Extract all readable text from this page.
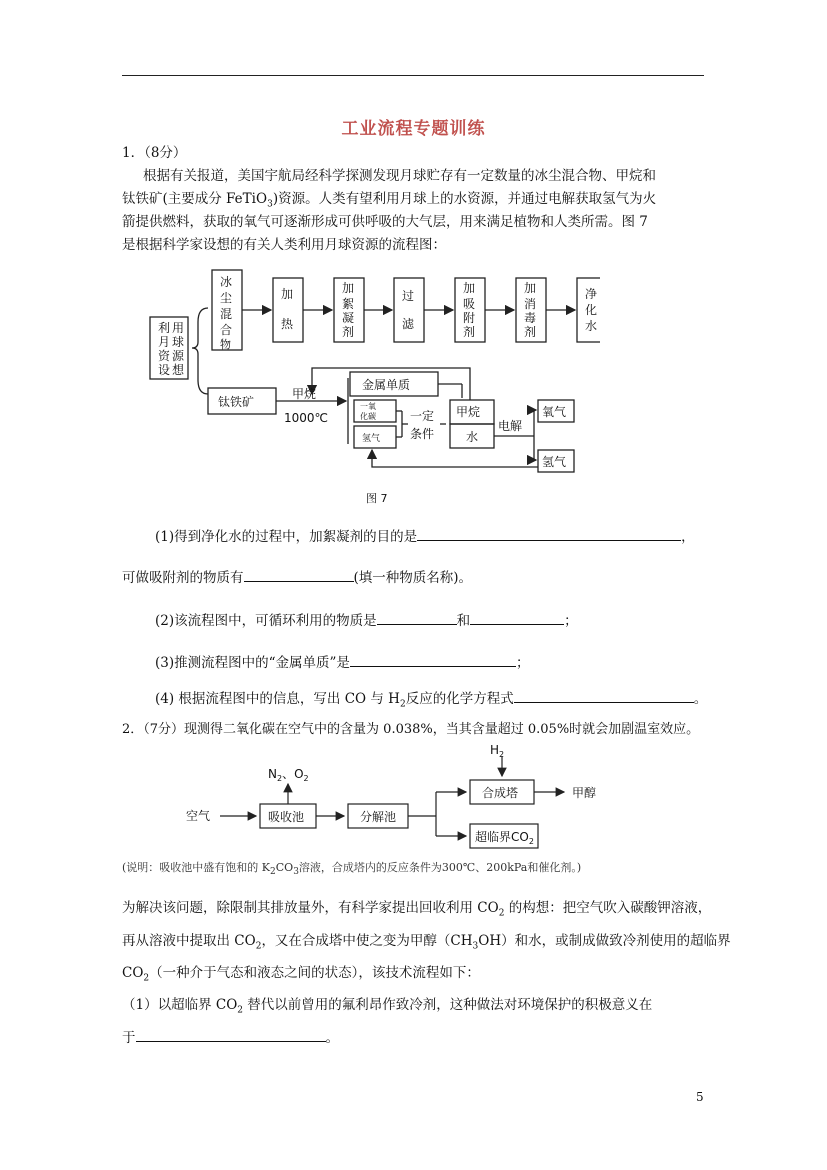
工业流程专题训练
1．（8分）
根据有关报道，美国宇航局经科学探测发现月球贮存有一定数量的冰尘混合物、甲烷和
钛铁矿(主要成分 FeTiO$_3$)资源。人类有望利用月球上的水资源，并通过电解获取氢气为火
箭提供燃料，获取的氧气可逐渐形成可供呼吸的大气层，用来满足植物和人类所需。图 7
是根据科学家设想的有关人类利用月球资源的流程图：
利
月
资
设
用
球
源
想
冰
尘
混
合
物
加
热
加
絮
凝
剂
过
滤
加
吸
附
剂
加
消
毒
剂
净
化
水
钛铁矿
甲烷
1000℃
金属单质
一氧
化碳
氢气
一定
条件
甲烷
水
电解
氧气
氢气
图 7
(1)得到净化水的过程中，加絮凝剂的目的是	，
可做吸附剂的物质有	(填一种物质名称)。
(2)该流程图中，可循环利用的物质是	和	；
(3)推测流程图中的“金属单质”是	；
(4) 根据流程图中的信息，写出 CO 与 $H_2$反应的化学方程式	。
2．（7分）现测得二氧化碳在空气中的含量为 0.038%，当其含量超过 0.05%时就会加剧温室效应。
空气	吸收池	分解池
合成塔
超临界$CO_2$
甲醇
$N_2$、$O_2$
$H_2$
(说明：吸收池中盛有饱和的 $K_2CO_3$溶液，合成塔内的反应条件为300℃、200kPa和催化剂。)
为解决该问题，除限制其排放量外，有科学家提出回收利用 $CO_2$ 的构想：把空气吹入碳酸钾溶液，
再从溶液中提取出 $CO_2$，又在合成塔中使之变为甲醇$(CH_3OH)$和水，或制成做致冷剂使用的超临界
$CO_2$（一种介于气态和液态之间的状态），该技术流程如下：
（1）以超临界 $CO_2$ 替代以前曾用的氟利昂作致冷剂，这种做法对环境保护的积极意义在
于	。
5
